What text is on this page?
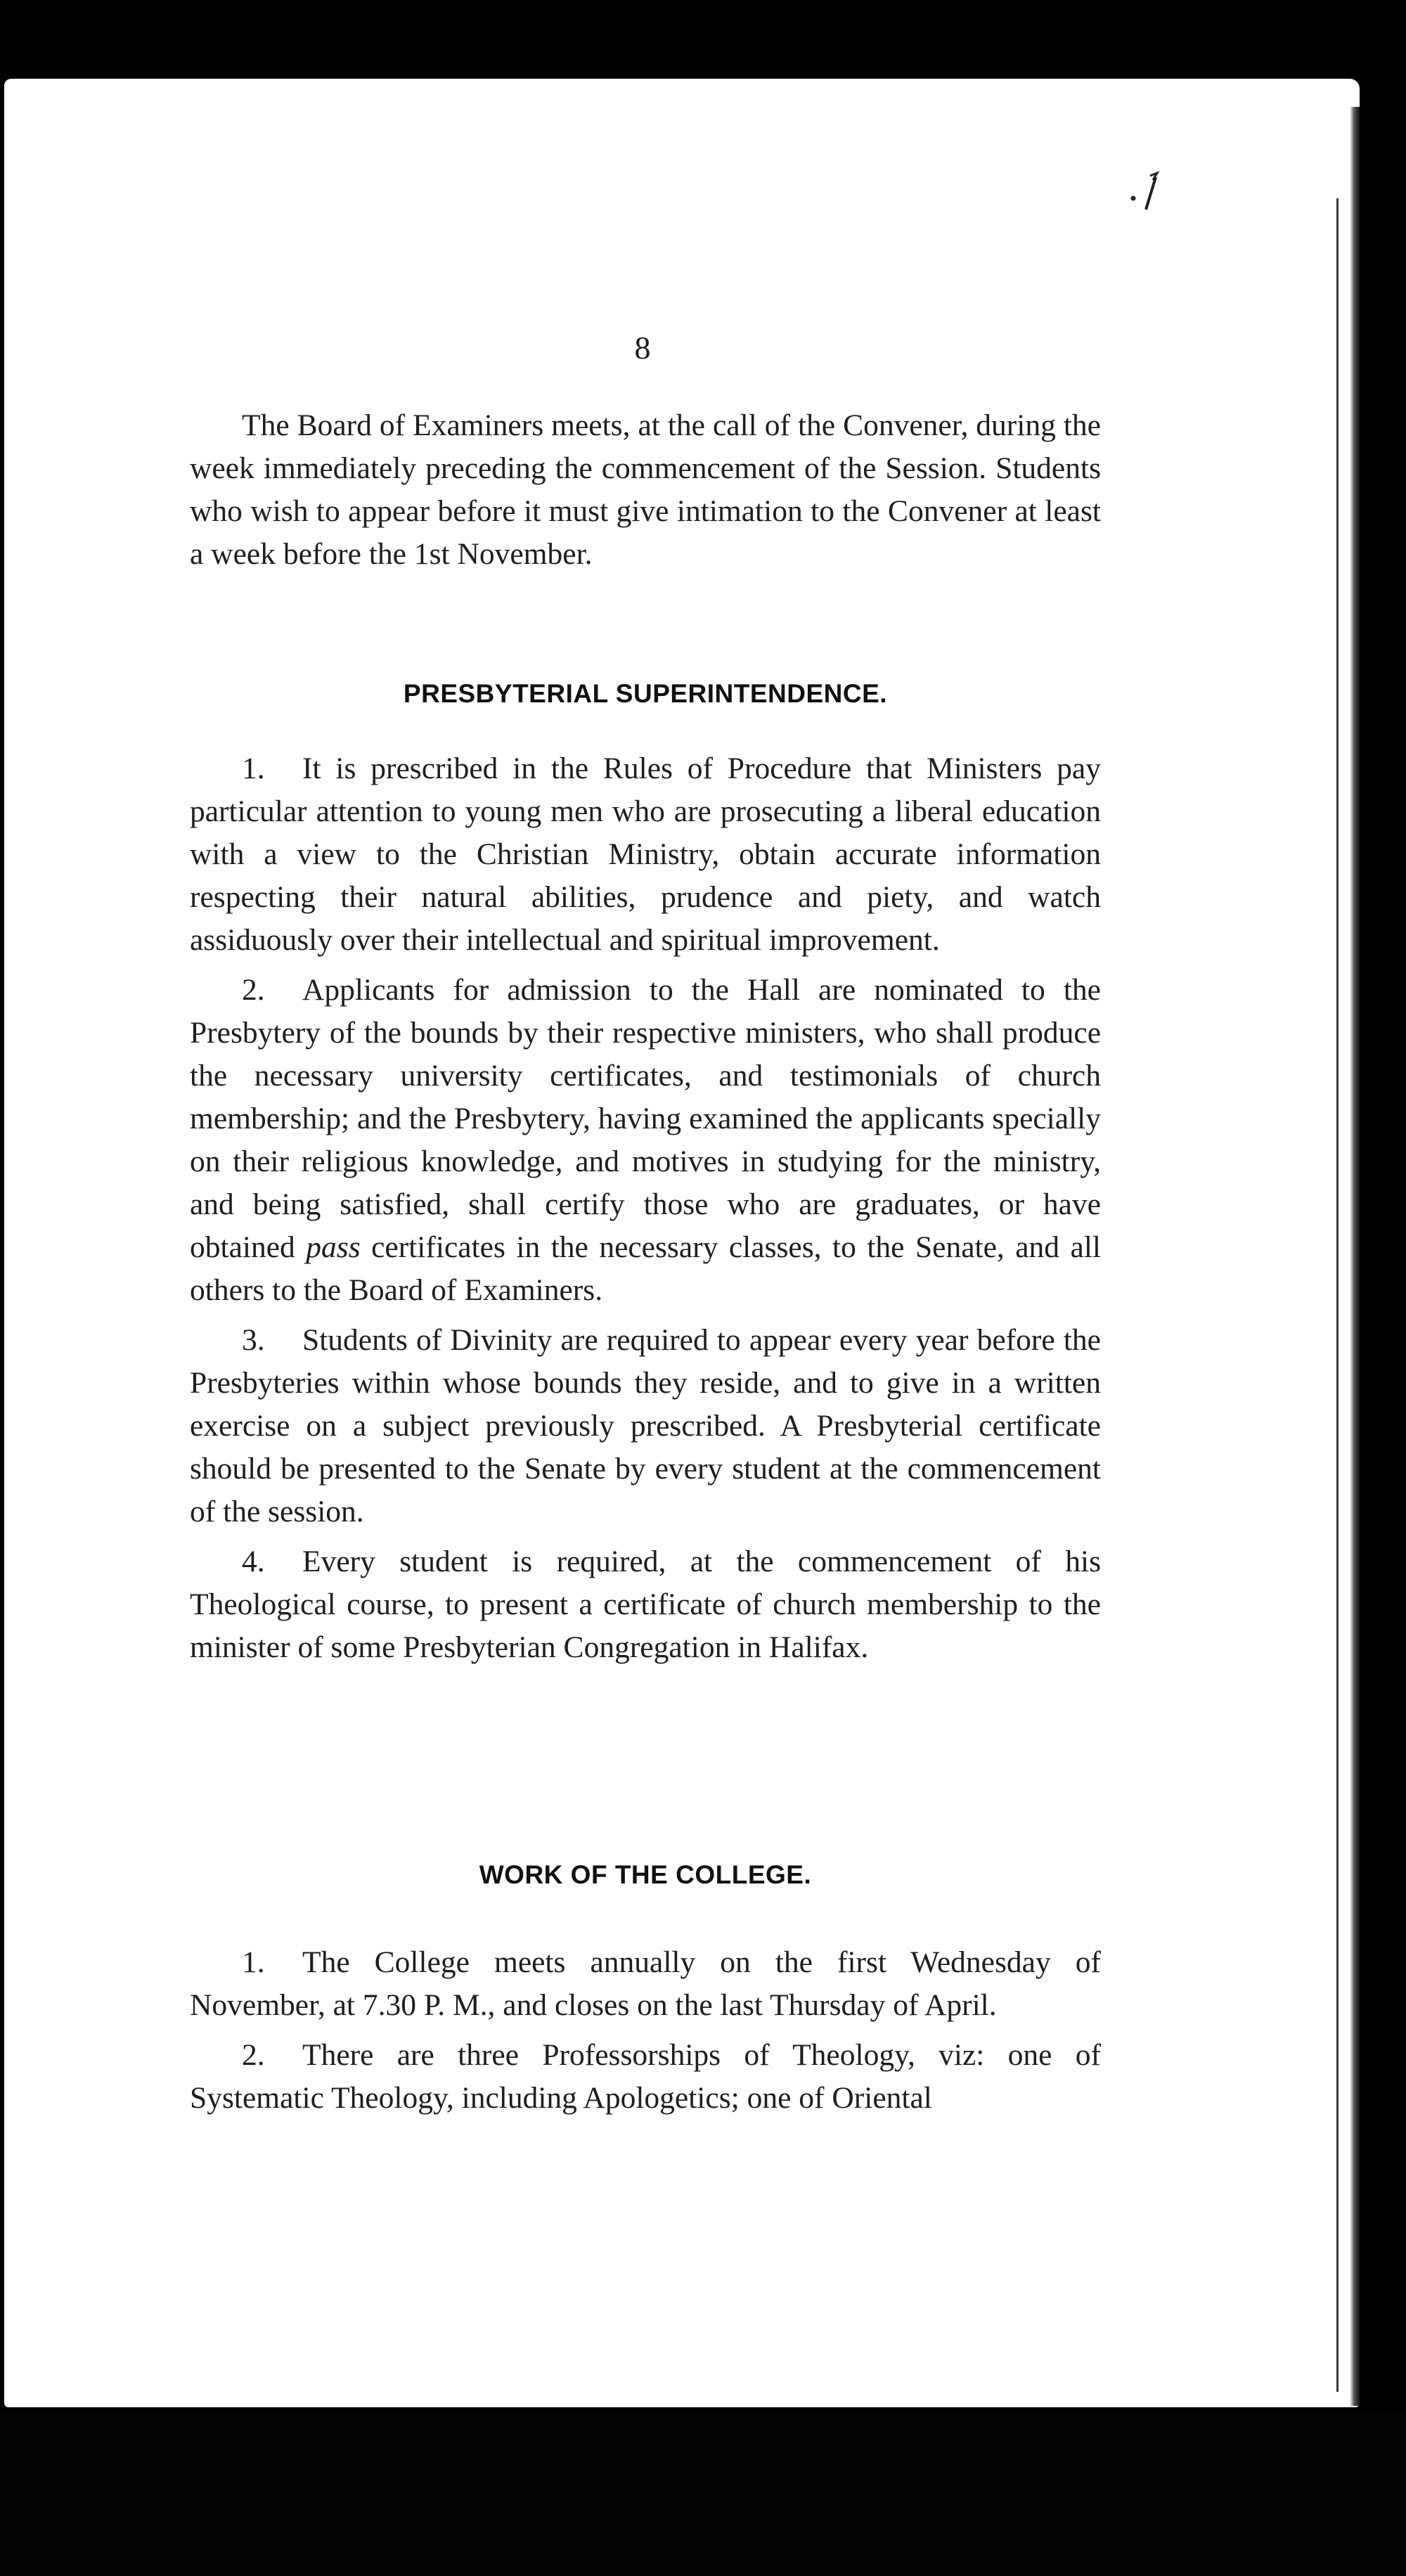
8

The Board of Examiners meets, at the call of the Convener, during the week immediately preceding the commencement of the Session. Students who wish to appear before it must give intimation to the Convener at least a week before the 1st November.

PRESBYTERIAL SUPERINTENDENCE.

1. It is prescribed in the Rules of Procedure that Ministers pay particular attention to young men who are prosecuting a liberal education with a view to the Christian Ministry, obtain accurate information respecting their natural abilities, prudence and piety, and watch assiduously over their intellectual and spiritual improvement.

2. Applicants for admission to the Hall are nominated to the Presbytery of the bounds by their respective ministers, who shall produce the necessary university certificates, and testimonials of church membership; and the Presbytery, having examined the applicants specially on their religious knowledge, and motives in studying for the ministry, and being satisfied, shall certify those who are graduates, or have obtained pass certificates in the necessary classes, to the Senate, and all others to the Board of Examiners.

3. Students of Divinity are required to appear every year before the Presbyteries within whose bounds they reside, and to give in a written exercise on a subject previously prescribed. A Presbyterial certificate should be presented to the Senate by every student at the commencement of the session.

4. Every student is required, at the commencement of his Theological course, to present a certificate of church membership to the minister of some Presbyterian Congregation in Halifax.

WORK OF THE COLLEGE.

1. The College meets annually on the first Wednesday of November, at 7.30 P. M., and closes on the last Thursday of April.

2. There are three Professorships of Theology, viz: one of Systematic Theology, including Apologetics; one of Oriental
